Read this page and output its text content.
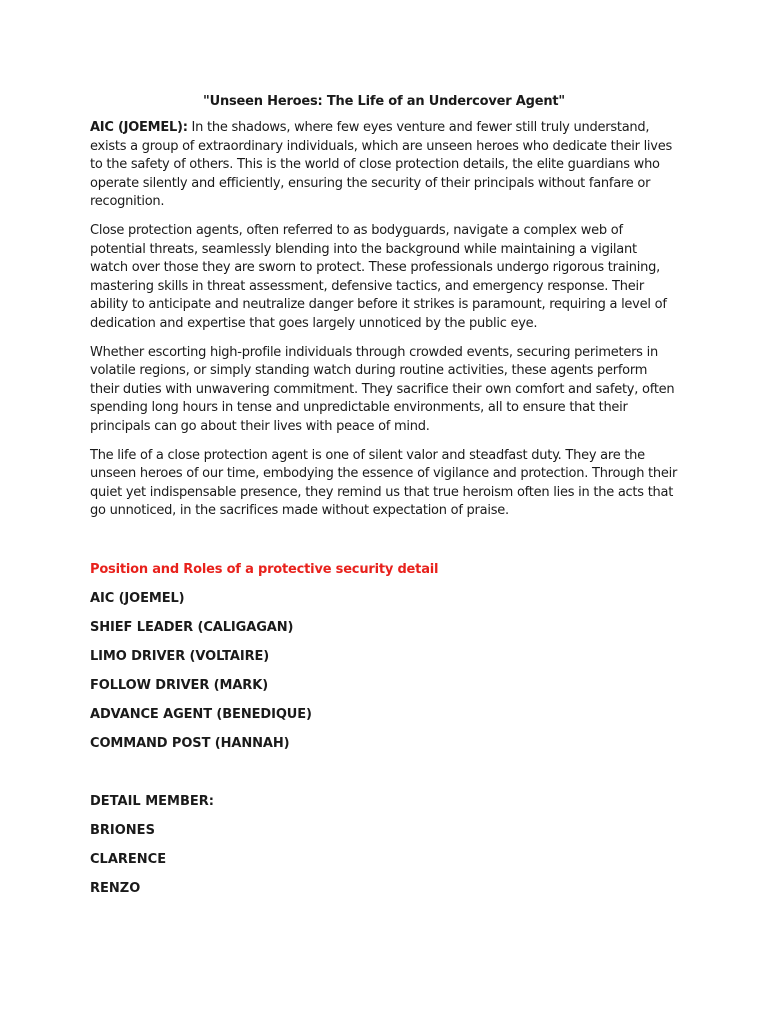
"Unseen Heroes: The Life of an Undercover Agent"

AIC (JOEMEL): In the shadows, where few eyes venture and fewer still truly understand, exists a group of extraordinary individuals, which are unseen heroes who dedicate their lives to the safety of others. This is the world of close protection details, the elite guardians who operate silently and efficiently, ensuring the security of their principals without fanfare or recognition.

Close protection agents, often referred to as bodyguards, navigate a complex web of potential threats, seamlessly blending into the background while maintaining a vigilant watch over those they are sworn to protect. These professionals undergo rigorous training, mastering skills in threat assessment, defensive tactics, and emergency response. Their ability to anticipate and neutralize danger before it strikes is paramount, requiring a level of dedication and expertise that goes largely unnoticed by the public eye.

Whether escorting high-profile individuals through crowded events, securing perimeters in volatile regions, or simply standing watch during routine activities, these agents perform their duties with unwavering commitment. They sacrifice their own comfort and safety, often spending long hours in tense and unpredictable environments, all to ensure that their principals can go about their lives with peace of mind.

The life of a close protection agent is one of silent valor and steadfast duty. They are the unseen heroes of our time, embodying the essence of vigilance and protection. Through their quiet yet indispensable presence, they remind us that true heroism often lies in the acts that go unnoticed, in the sacrifices made without expectation of praise.

Position and Roles of a protective security detail
AIC (JOEMEL)
SHIEF LEADER (CALIGAGAN)
LIMO DRIVER (VOLTAIRE)
FOLLOW DRIVER (MARK)
ADVANCE AGENT (BENEDIQUE)
COMMAND POST (HANNAH)
DETAIL MEMBER:
BRIONES
CLARENCE
RENZO
